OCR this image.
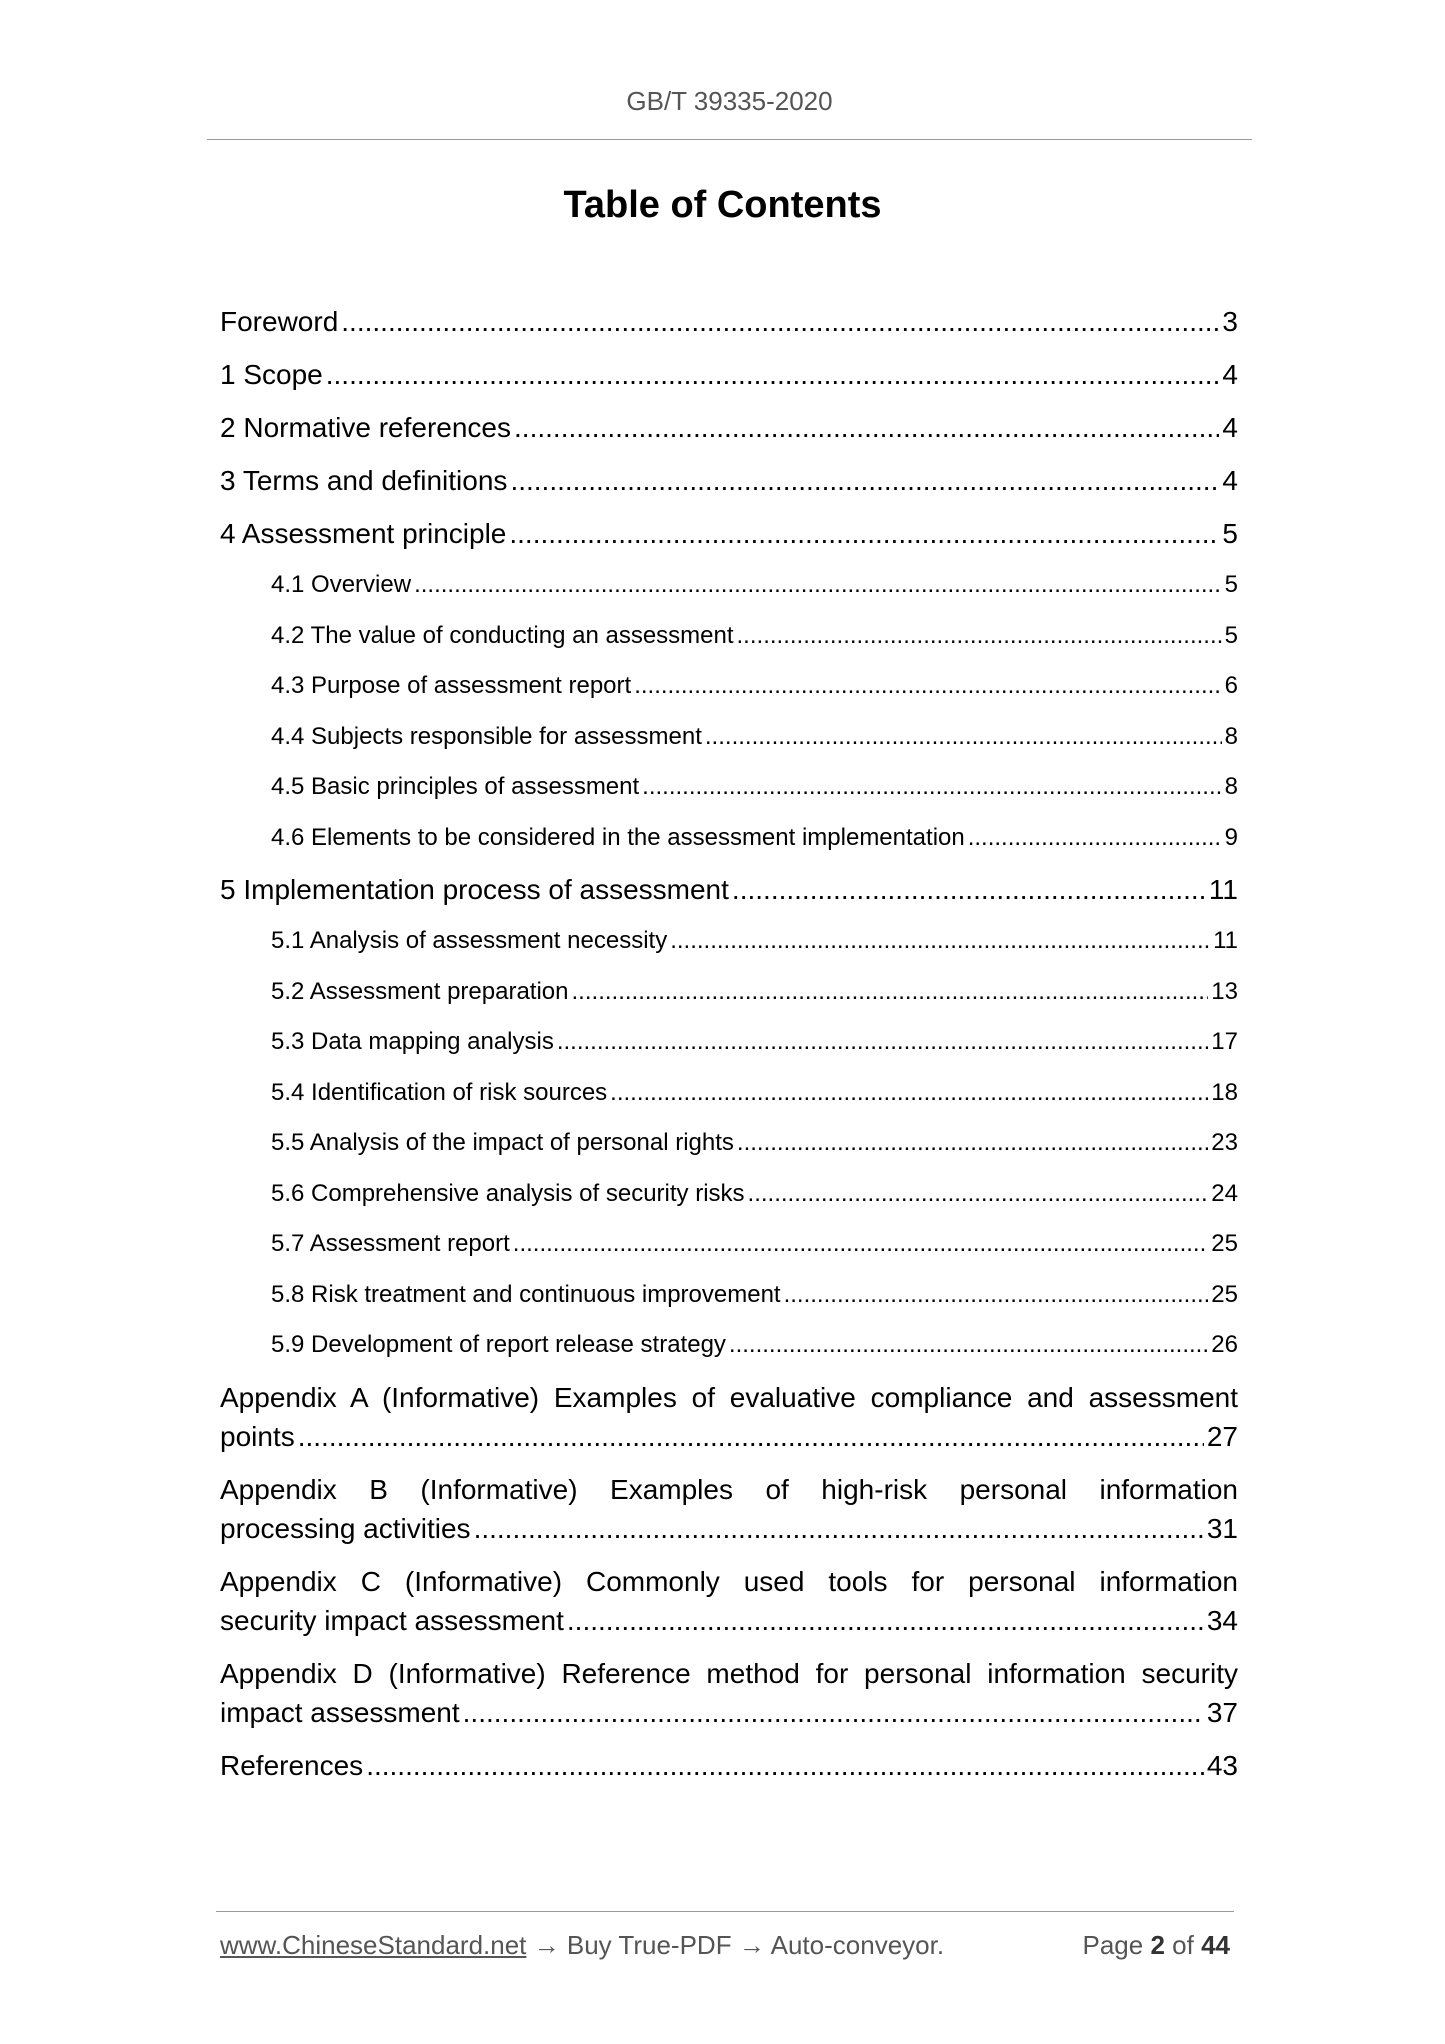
GB/T 39335-2020
Table of Contents
Foreword .....	3
1 Scope .....	4
2 Normative references .....	4
3 Terms and definitions .....	4
4 Assessment principle .....	5
4.1 Overview .....	5
4.2 The value of conducting an assessment .....	5
4.3 Purpose of assessment report .....	6
4.4 Subjects responsible for assessment .....	8
4.5 Basic principles of assessment .....	8
4.6 Elements to be considered in the assessment implementation .....	9
5 Implementation process of assessment .....	11
5.1 Analysis of assessment necessity .....	11
5.2 Assessment preparation .....	13
5.3 Data mapping analysis .....	17
5.4 Identification of risk sources .....	18
5.5 Analysis of the impact of personal rights .....	23
5.6 Comprehensive analysis of security risks .....	24
5.7 Assessment report .....	25
5.8 Risk treatment and continuous improvement .....	25
5.9 Development of report release strategy .....	26
Appendix A (Informative) Examples of evaluative compliance and assessment
points .....	27
Appendix B (Informative) Examples of high-risk personal information
processing activities .....	31
Appendix C (Informative) Commonly used tools for personal information
security impact assessment .....	34
Appendix D (Informative) Reference method for personal information security
impact assessment .....	37
References .....	43
www.ChineseStandard.net → Buy True-PDF → Auto-conveyor.	Page 2 of 44
